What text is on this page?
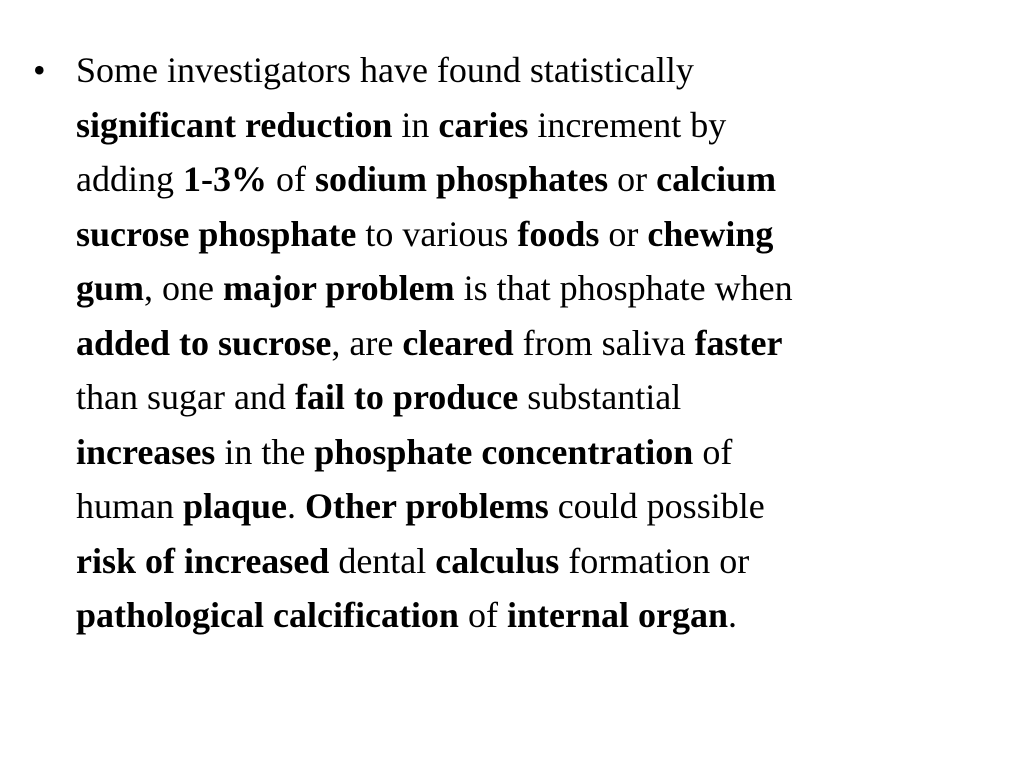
• Some investigators have found statistically
significant reduction in caries increment by
adding 1-3% of sodium phosphates or calcium
sucrose phosphate to various foods or chewing
gum, one major problem is that phosphate when
added to sucrose, are cleared from saliva faster
than sugar and fail to produce substantial
increases in the phosphate concentration of
human plaque. Other problems could possible
risk of increased dental calculus formation or
pathological calcification of internal organ.
